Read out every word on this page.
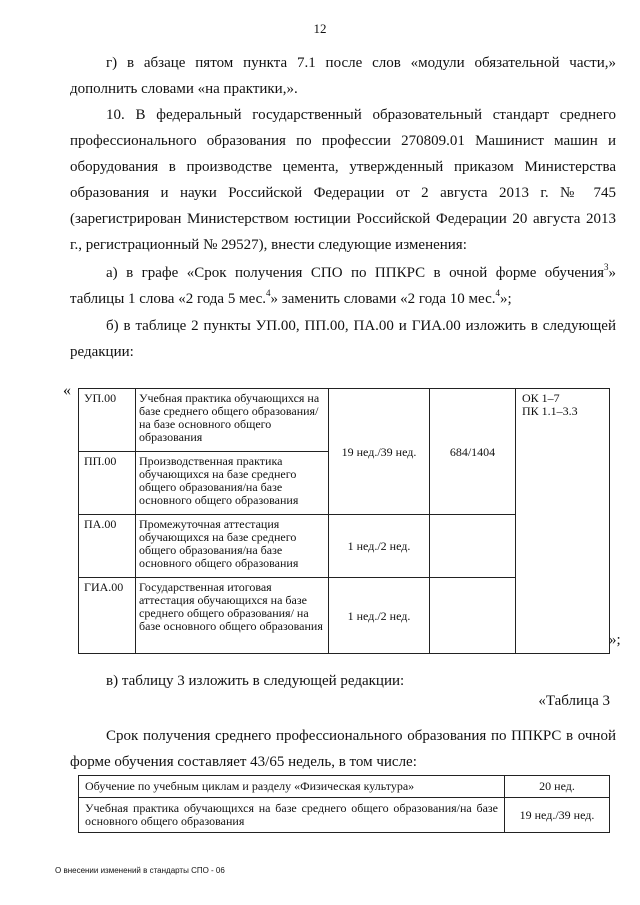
12
г) в абзаце пятом пункта 7.1 после слов «модули обязательной части,»
дополнить словами «на практики,».
10. В федеральный государственный образовательный стандарт среднего профессионального образования по профессии 270809.01 Машинист машин и оборудования в производстве цемента, утвержденный приказом Министерства образования и науки Российской Федерации от 2 августа 2013 г. № 745 (зарегистрирован Министерством юстиции Российской Федерации 20 августа 2013 г., регистрационный № 29527), внести следующие изменения:
а) в графе «Срок получения СПО по ППКРС в очной форме обучения$^3$» таблицы 1 слова «2 года 5 мес.$^4$» заменить словами «2 года 10 мес.$^4$»;
б) в таблице 2 пункты УП.00, ПП.00, ПА.00 и ГИА.00 изложить в следующей редакции:
« УП.00	Учебная практика обучающихся на базе среднего общего образования/на базе основного общего образования	19 нед./39 нед.	684/1404	ОК 1–7
ПК 1.1–3.3

ПП.00	Производственная практика обучающихся на базе среднего общего образования/на базе основного общего образования			
ПА.00	Промежуточная аттестация обучающихся на базе среднего общего образования/на базе основного общего образования	1 нед./2 нед.		
ГИА.00	Государственная итоговая аттестация обучающихся на базе среднего общего образования/ на базе основного общего образования	1 нед./2 нед.		
»;
в) таблицу 3 изложить в следующей редакции:
«Таблица 3
Срок получения среднего профессионального образования по ППКРС в очной форме обучения составляет 43/65 недель, в том числе:
Обучение по учебным циклам и разделу «Физическая культура»	20 нед.
Учебная практика обучающихся на базе среднего общего образования/на базе основного общего образования	19 нед./39 нед.
О внесении изменений в стандарты СПО - 06
